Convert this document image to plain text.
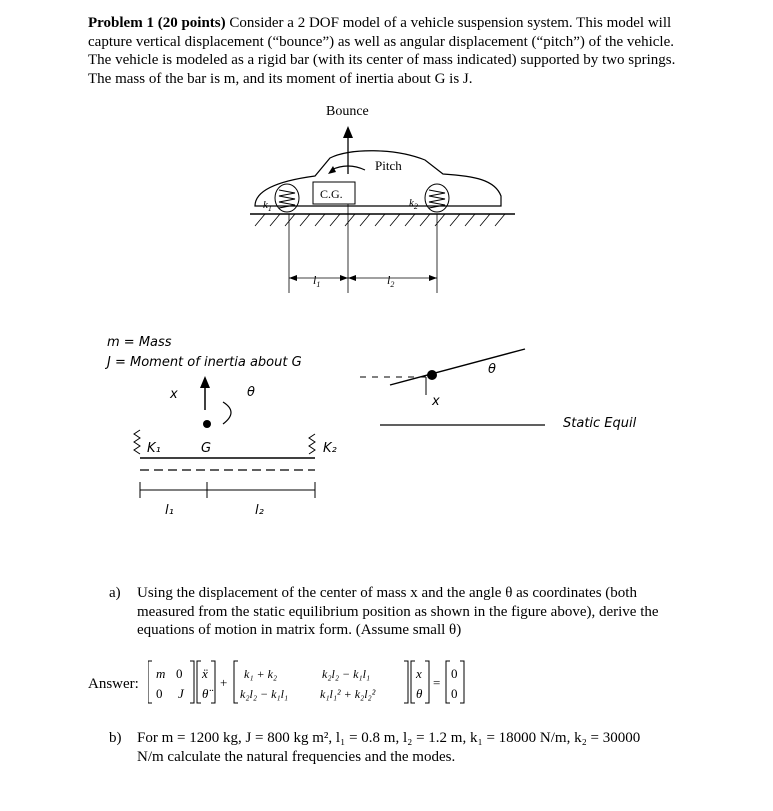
Problem 1 (20 points) Consider a 2 DOF model of a vehicle suspension system. This model will capture vertical displacement (“bounce”) as well as angular displacement (“pitch”) of the vehicle. The vehicle is modeled as a rigid bar (with its center of mass indicated) supported by two springs. The mass of the bar is m, and its moment of inertia about G is J.
Bounce
Pitch
C.G.
$k_1$	$k_2$
$l_1$	$l_2$
m = Mass
J = Moment of inertia about G
x	θ
G
K₁	K₂
l₁	l₂
θ
x
Static Equil
a) Using the displacement of the center of mass x and the angle θ as coordinates (both measured from the static equilibrium position as shown in the figure above), derive the equations of motion in matrix form. (Assume small θ)
Answer:
m 0
0 J
ẍ
θ̈
+
k₁ + k₂	k₂l₂ − k₁l₁
k₂l₂ − k₁l₁	k₁l₁² + k₂l₂²
x
θ
=
0
0
b) For m = 1200 kg, J = 800 kg m², l₁ = 0.8 m, l₂ = 1.2 m, k₁ = 18000 N/m, k₂ = 30000 N/m calculate the natural frequencies and the modes.
